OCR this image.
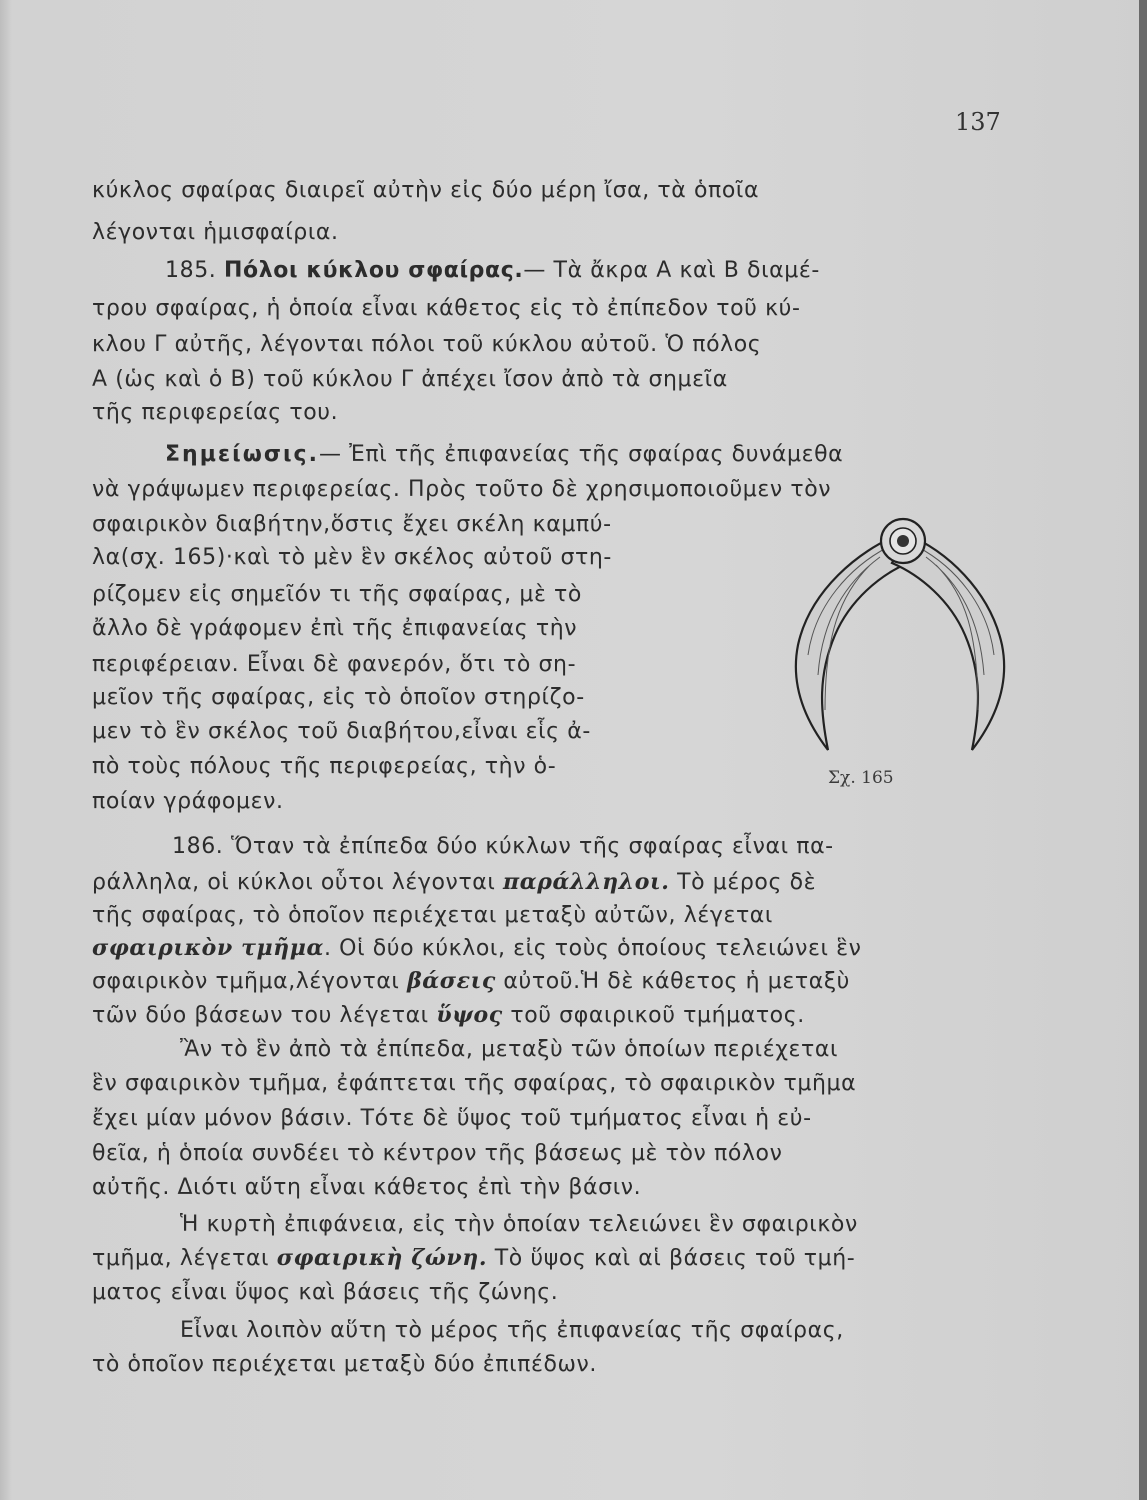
137
κύκλος σφαίρας διαιρεῖ αὐτὴν εἰς δύο μέρη ἴσα, τὰ ὁποῖα
λέγονται ἡμισφαίρια.
185. Πόλοι κύκλου σφαίρας.— Τὰ ἄκρα Α καὶ Β διαμέ-
τρου σφαίρας, ἡ ὁποία εἶναι κάθετος εἰς τὸ ἐπίπεδον τοῦ κύ-
κλου Γ αὐτῆς, λέγονται πόλοι τοῦ κύκλου αὐτοῦ. Ὁ πόλος
Α (ὡς καὶ ὁ Β) τοῦ κύκλου Γ ἀπέχει ἴσον ἀπὸ τὰ σημεῖα
τῆς περιφερείας του.
Σημείωσις.— Ἐπὶ τῆς ἐπιφανείας τῆς σφαίρας δυνάμεθα
νὰ γράψωμεν περιφερείας. Πρὸς τοῦτο δὲ χρησιμοποιοῦμεν τὸν
σφαιρικὸν διαβήτην,ὅστις ἔχει σκέλη καμπύ-
λα(σχ. 165)·καὶ τὸ μὲν ἓν σκέλος αὐτοῦ στη-
ρίζομεν εἰς σημεῖόν τι τῆς σφαίρας, μὲ τὸ
ἄλλο δὲ γράφομεν ἐπὶ τῆς ἐπιφανείας τὴν
περιφέρειαν. Εἶναι δὲ φανερόν, ὅτι τὸ ση-
μεῖον τῆς σφαίρας, εἰς τὸ ὁποῖον στηρίζο-
μεν τὸ ἓν σκέλος τοῦ διαβήτου,εἶναι εἷς ἀ-
πὸ τοὺς πόλους τῆς περιφερείας, τὴν ὁ-
ποίαν γράφομεν.
Σχ. 165
186. Ὅταν τὰ ἐπίπεδα δύο κύκλων τῆς σφαίρας εἶναι πα-
ράλληλα, οἱ κύκλοι οὗτοι λέγονται παράλληλοι. Τὸ μέρος δὲ
τῆς σφαίρας, τὸ ὁποῖον περιέχεται μεταξὺ αὐτῶν, λέγεται
σφαιρικὸν τμῆμα. Οἱ δύο κύκλοι, εἰς τοὺς ὁποίους τελειώνει ἓν
σφαιρικὸν τμῆμα,λέγονται βάσεις αὐτοῦ.Ἡ δὲ κάθετος ἡ μεταξὺ
τῶν δύο βάσεων του λέγεται ὕψος τοῦ σφαιρικοῦ τμήματος.
Ἂν τὸ ἓν ἀπὸ τὰ ἐπίπεδα, μεταξὺ τῶν ὁποίων περιέχεται
ἓν σφαιρικὸν τμῆμα, ἐφάπτεται τῆς σφαίρας, τὸ σφαιρικὸν τμῆμα
ἔχει μίαν μόνον βάσιν. Τότε δὲ ὕψος τοῦ τμήματος εἶναι ἡ εὐ-
θεῖα, ἡ ὁποία συνδέει τὸ κέντρον τῆς βάσεως μὲ τὸν πόλον
αὐτῆς. Διότι αὕτη εἶναι κάθετος ἐπὶ τὴν βάσιν.
Ἡ κυρτὴ ἐπιφάνεια, εἰς τὴν ὁποίαν τελειώνει ἓν σφαιρικὸν
τμῆμα, λέγεται σφαιρικὴ ζώνη. Τὸ ὕψος καὶ αἱ βάσεις τοῦ τμή-
ματος εἶναι ὕψος καὶ βάσεις τῆς ζώνης.
Εἶναι λοιπὸν αὕτη τὸ μέρος τῆς ἐπιφανείας τῆς σφαίρας,
τὸ ὁποῖον περιέχεται μεταξὺ δύο ἐπιπέδων.
